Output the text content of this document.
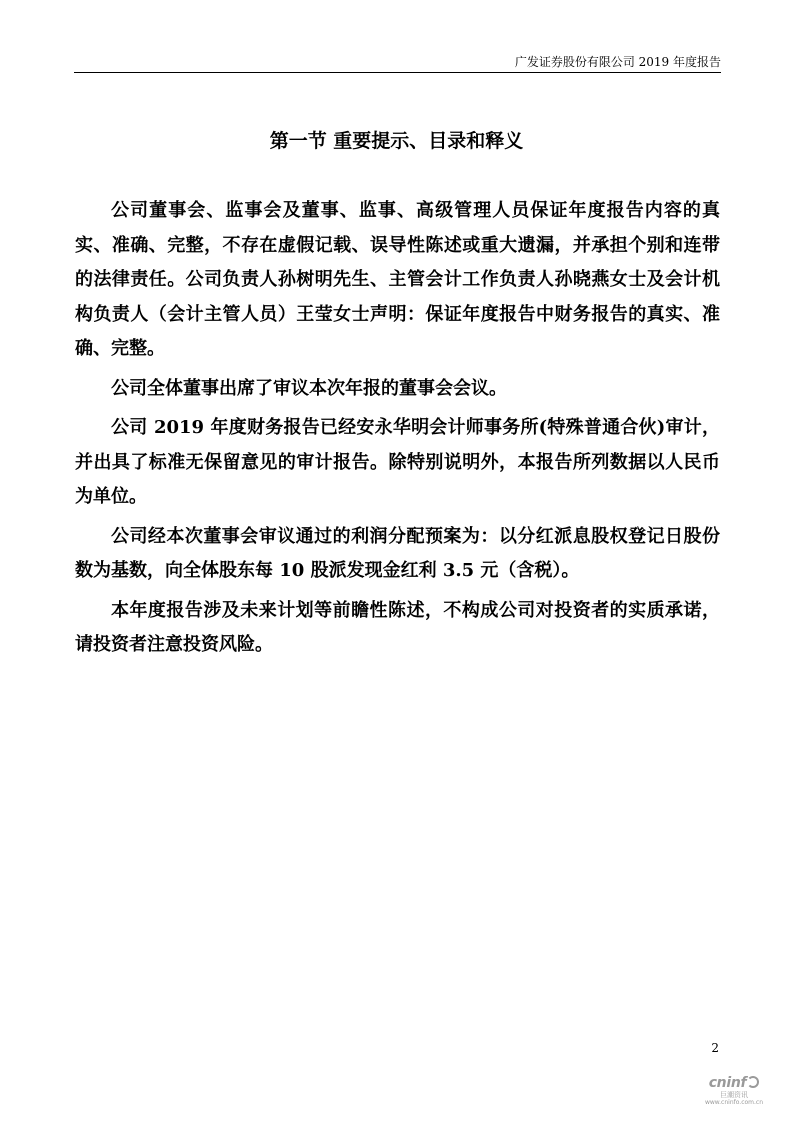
广发证券股份有限公司 2019 年度报告
第一节 重要提示、目录和释义

公司董事会、监事会及董事、监事、高级管理人员保证年度报告内容的真实、准确、完整，不存在虚假记载、误导性陈述或重大遗漏，并承担个别和连带的法律责任。公司负责人孙树明先生、主管会计工作负责人孙晓燕女士及会计机构负责人（会计主管人员）王莹女士声明：保证年度报告中财务报告的真实、准确、完整。

公司全体董事出席了审议本次年报的董事会会议。

公司 2019 年度财务报告已经安永华明会计师事务所(特殊普通合伙)审计，并出具了标准无保留意见的审计报告。除特别说明外，本报告所列数据以人民币为单位。

公司经本次董事会审议通过的利润分配预案为：以分红派息股权登记日股份数为基数，向全体股东每 10 股派发现金红利 3.5 元（含税）。

本年度报告涉及未来计划等前瞻性陈述，不构成公司对投资者的实质承诺，请投资者注意投资风险。

2
cninf
巨潮资讯
www.cninfo.com.cn
